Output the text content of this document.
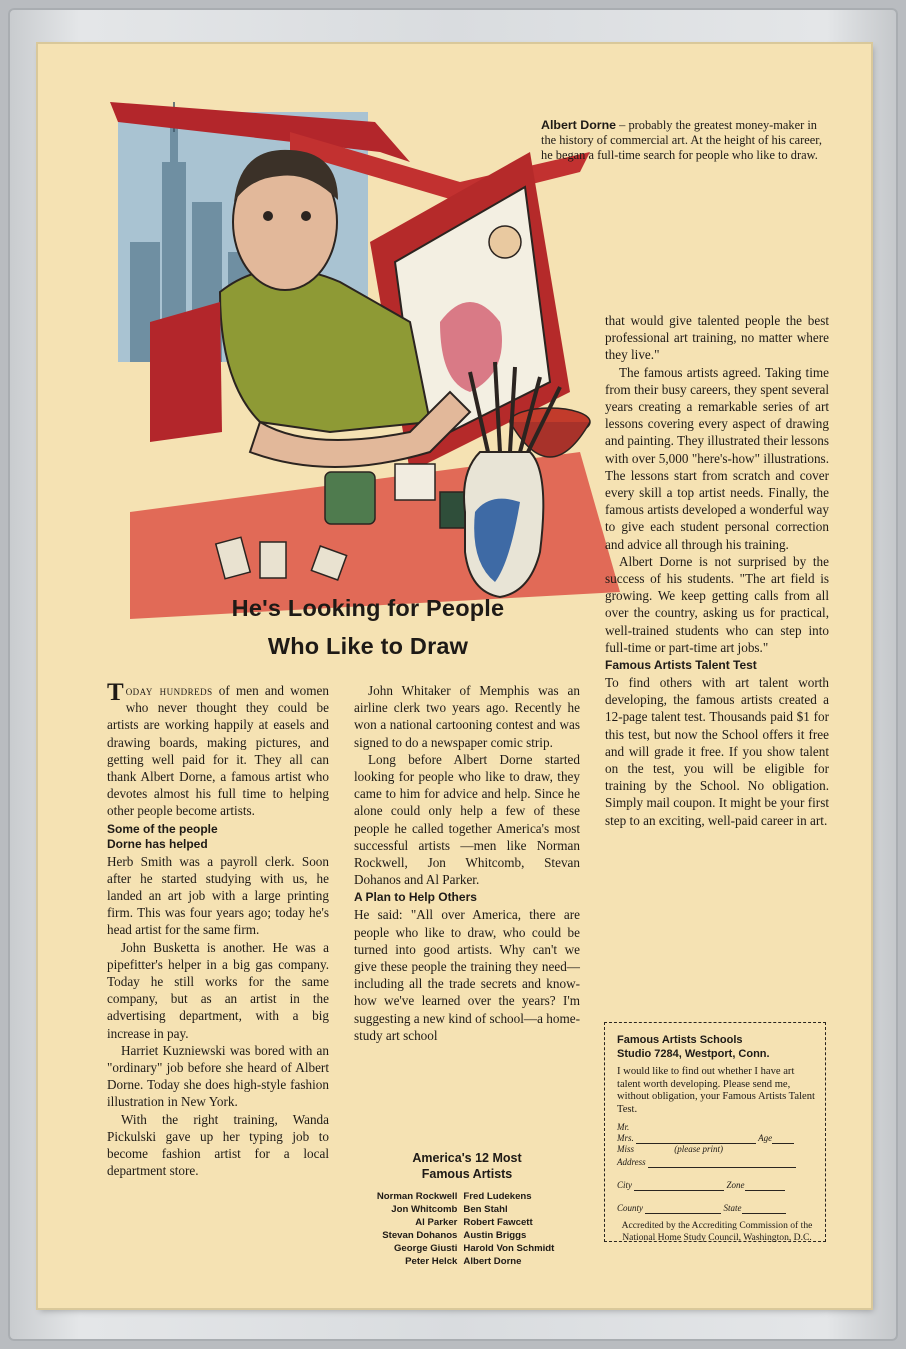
Albert Dorne – probably the greatest money-maker in the history of commercial art. At the height of his career, he began a full-time search for people who like to draw.
He's Looking for People
Who Like to Draw

Today hundreds of men and women who never thought they could be artists are working happily at easels and drawing boards, making pictures, and getting well paid for it. They all can thank Albert Dorne, a famous artist who devotes almost his full time to helping other people become artists.

Some of the people
Dorne has helped

Herb Smith was a payroll clerk. Soon after he started studying with us, he landed an art job with a large printing firm. This was four years ago; today he's head artist for the same firm.

John Busketta is another. He was a pipefitter's helper in a big gas company. Today he still works for the same company, but as an artist in the advertising department, with a big increase in pay.

Harriet Kuzniewski was bored with an "ordinary" job before she heard of Albert Dorne. Today she does high-style fashion illustration in New York.

With the right training, Wanda Pickulski gave up her typing job to become fashion artist for a local department store.

John Whitaker of Memphis was an airline clerk two years ago. Recently he won a national cartooning contest and was signed to do a newspaper comic strip.

Long before Albert Dorne started looking for people who like to draw, they came to him for advice and help. Since he alone could only help a few of these people he called together America's most successful artists —men like Norman Rockwell, Jon Whitcomb, Stevan Dohanos and Al Parker.

A Plan to Help Others

He said: "All over America, there are people who like to draw, who could be turned into good artists. Why can't we give these people the training they need—including all the trade secrets and know-how we've learned over the years? I'm suggesting a new kind of school—a home-study art school

that would give talented people the best professional art training, no matter where they live."

The famous artists agreed. Taking time from their busy careers, they spent several years creating a remarkable series of art lessons covering every aspect of drawing and painting. They illustrated their lessons with over 5,000 "here's-how" illustrations. The lessons start from scratch and cover every skill a top artist needs. Finally, the famous artists developed a wonderful way to give each student personal correction and advice all through his training.

Albert Dorne is not surprised by the success of his students. "The art field is growing. We keep getting calls from all over the country, asking us for practical, well-trained students who can step into full-time or part-time art jobs."

Famous Artists Talent Test

To find others with art talent worth developing, the famous artists created a 12-page talent test. Thousands paid $1 for this test, but now the School offers it free and will grade it free. If you show talent on the test, you will be eligible for training by the School. No obligation. Simply mail coupon. It might be your first step to an exciting, well-paid career in art.

America's 12 Most
Famous Artists
Norman Rockwell	Fred Ludekens
Jon Whitcomb	Ben Stahl
Al Parker	Robert Fawcett
Stevan Dohanos	Austin Briggs
George Giusti	Harold Von Schmidt
Peter Helck	Albert Dorne
Famous Artists Schools
Studio 7284, Westport, Conn.
I would like to find out whether I have art talent worth developing. Please send me, without obligation, your Famous Artists Talent Test.
Mr.
Mrs.	Age
Miss	(please print)
Address
City	Zone
County	State
Accredited by the Accrediting Commission of the National Home Study Council, Washington, D.C.
